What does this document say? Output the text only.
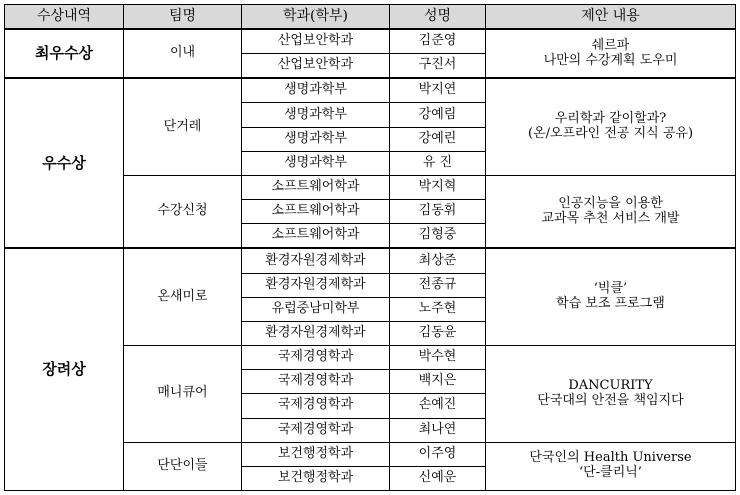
수상내역	팀명	학과(학부)	성명	제안 내용
최우수상	이내	산업보안학과	김준영	쉐르파
나만의 수강계획 도우미

		산업보안학과	구진서	
우수상	단거레	생명과학부	박지연	우리학과 같이할과?
(온/오프라인 전공 지식 공유)

		생명과학부	강예림	
		생명과학부	강예린	
		생명과학부	유 진	
	수강신청	소프트웨어학과	박지혁	인공지능을 이용한
교과목 추천 서비스 개발

		소프트웨어학과	김동휘	
		소프트웨어학과	김형중	
장려상	온새미로	환경자원경제학과	최상준	‘빅클’
학습 보조 프로그램

		환경자원경제학과	전종규	
		유럽중남미학부	노주현	
		환경자원경제학과	김동윤	
	매니큐어	국제경영학과	박수현	DANCURITY
단국대의 안전을 책임지다

		국제경영학과	백지은	
		국제경영학과	손예진	
		국제경영학과	최나연	
	단단이들	보건행정학과	이주영	단국인의 Health Universe
‘단-클리닉’

		보건행정학과	신예운	
